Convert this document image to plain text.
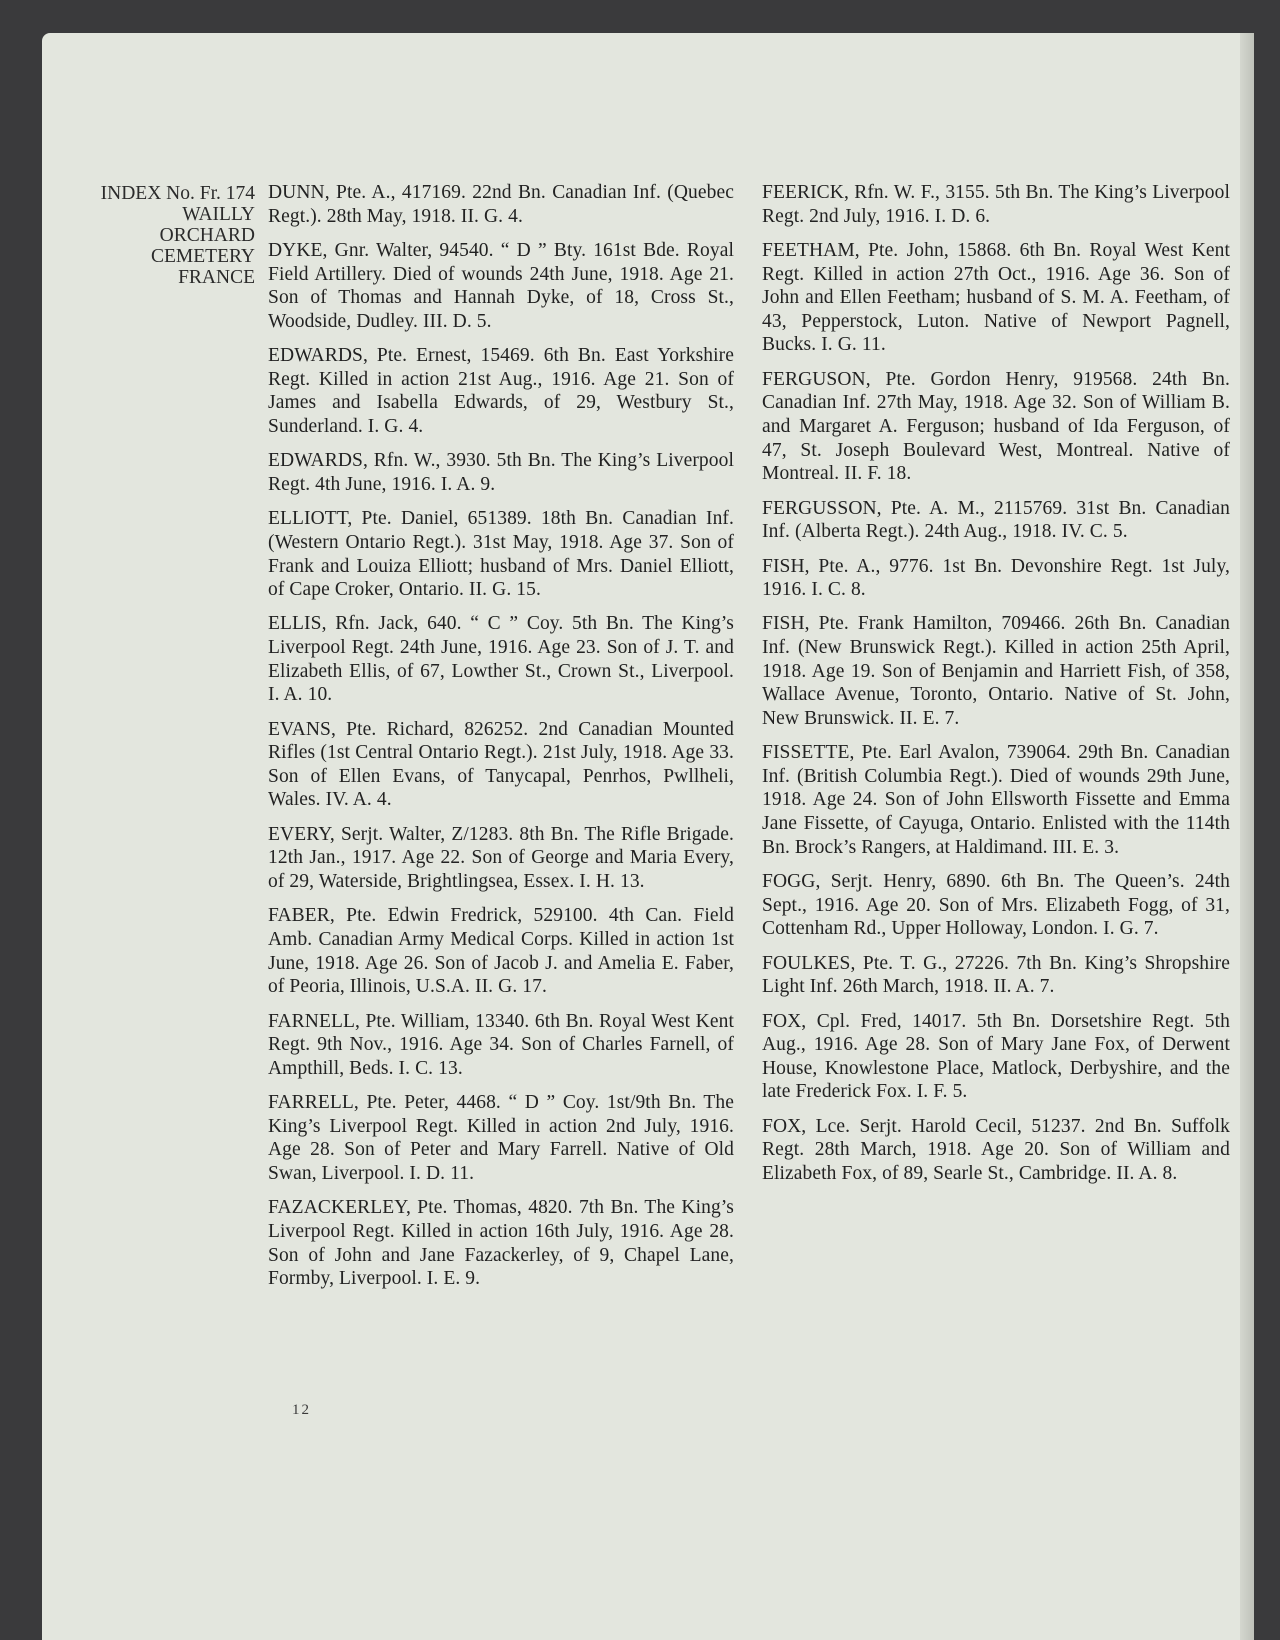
INDEX No. Fr. 174
WAILLY
ORCHARD
CEMETERY
FRANCE

DUNN, Pte. A., 417169. 22nd Bn. Canadian Inf. (Quebec Regt.). 28th May, 1918. II. G. 4.

DYKE, Gnr. Walter, 94540. “ D ” Bty. 161st Bde. Royal Field Artillery. Died of wounds 24th June, 1918. Age 21. Son of Thomas and Hannah Dyke, of 18, Cross St., Woodside, Dudley. III. D. 5.

EDWARDS, Pte. Ernest, 15469. 6th Bn. East Yorkshire Regt. Killed in action 21st Aug., 1916. Age 21. Son of James and Isabella Edwards, of 29, Westbury St., Sunderland. I. G. 4.

EDWARDS, Rfn. W., 3930. 5th Bn. The King’s Liverpool Regt. 4th June, 1916. I. A. 9.

ELLIOTT, Pte. Daniel, 651389. 18th Bn. Canadian Inf. (Western Ontario Regt.). 31st May, 1918. Age 37. Son of Frank and Louiza Elliott; husband of Mrs. Daniel Elliott, of Cape Croker, Ontario. II. G. 15.

ELLIS, Rfn. Jack, 640. “ C ” Coy. 5th Bn. The King’s Liverpool Regt. 24th June, 1916. Age 23. Son of J. T. and Elizabeth Ellis, of 67, Lowther St., Crown St., Liverpool. I. A. 10.

EVANS, Pte. Richard, 826252. 2nd Canadian Mounted Rifles (1st Central Ontario Regt.). 21st July, 1918. Age 33. Son of Ellen Evans, of Tanycapal, Penrhos, Pwllheli, Wales. IV. A. 4.

EVERY, Serjt. Walter, Z/1283. 8th Bn. The Rifle Brigade. 12th Jan., 1917. Age 22. Son of George and Maria Every, of 29, Waterside, Brightlingsea, Essex. I. H. 13.

FABER, Pte. Edwin Fredrick, 529100. 4th Can. Field Amb. Canadian Army Medical Corps. Killed in action 1st June, 1918. Age 26. Son of Jacob J. and Amelia E. Faber, of Peoria, Illinois, U.S.A. II. G. 17.

FARNELL, Pte. William, 13340. 6th Bn. Royal West Kent Regt. 9th Nov., 1916. Age 34. Son of Charles Farnell, of Ampthill, Beds. I. C. 13.

FARRELL, Pte. Peter, 4468. “ D ” Coy. 1st/9th Bn. The King’s Liverpool Regt. Killed in action 2nd July, 1916. Age 28. Son of Peter and Mary Farrell. Native of Old Swan, Liverpool. I. D. 11.

FAZACKERLEY, Pte. Thomas, 4820. 7th Bn. The King’s Liverpool Regt. Killed in action 16th July, 1916. Age 28. Son of John and Jane Fazackerley, of 9, Chapel Lane, Formby, Liverpool. I. E. 9.

FEERICK, Rfn. W. F., 3155. 5th Bn. The King’s Liverpool Regt. 2nd July, 1916. I. D. 6.

FEETHAM, Pte. John, 15868. 6th Bn. Royal West Kent Regt. Killed in action 27th Oct., 1916. Age 36. Son of John and Ellen Feetham; husband of S. M. A. Feetham, of 43, Pepperstock, Luton. Native of Newport Pagnell, Bucks. I. G. 11.

FERGUSON, Pte. Gordon Henry, 919568. 24th Bn. Canadian Inf. 27th May, 1918. Age 32. Son of William B. and Margaret A. Ferguson; husband of Ida Ferguson, of 47, St. Joseph Boulevard West, Montreal. Native of Montreal. II. F. 18.

FERGUSSON, Pte. A. M., 2115769. 31st Bn. Canadian Inf. (Alberta Regt.). 24th Aug., 1918. IV. C. 5.

FISH, Pte. A., 9776. 1st Bn. Devonshire Regt. 1st July, 1916. I. C. 8.

FISH, Pte. Frank Hamilton, 709466. 26th Bn. Canadian Inf. (New Brunswick Regt.). Killed in action 25th April, 1918. Age 19. Son of Benjamin and Harriett Fish, of 358, Wallace Avenue, Toronto, Ontario. Native of St. John, New Brunswick. II. E. 7.

FISSETTE, Pte. Earl Avalon, 739064. 29th Bn. Canadian Inf. (British Columbia Regt.). Died of wounds 29th June, 1918. Age 24. Son of John Ellsworth Fissette and Emma Jane Fissette, of Cayuga, Ontario. Enlisted with the 114th Bn. Brock’s Rangers, at Haldimand. III. E. 3.

FOGG, Serjt. Henry, 6890. 6th Bn. The Queen’s. 24th Sept., 1916. Age 20. Son of Mrs. Elizabeth Fogg, of 31, Cottenham Rd., Upper Holloway, London. I. G. 7.

FOULKES, Pte. T. G., 27226. 7th Bn. King’s Shropshire Light Inf. 26th March, 1918. II. A. 7.

FOX, Cpl. Fred, 14017. 5th Bn. Dorsetshire Regt. 5th Aug., 1916. Age 28. Son of Mary Jane Fox, of Derwent House, Knowlestone Place, Matlock, Derbyshire, and the late Frederick Fox. I. F. 5.

FOX, Lce. Serjt. Harold Cecil, 51237. 2nd Bn. Suffolk Regt. 28th March, 1918. Age 20. Son of William and Elizabeth Fox, of 89, Searle St., Cambridge. II. A. 8.

12
